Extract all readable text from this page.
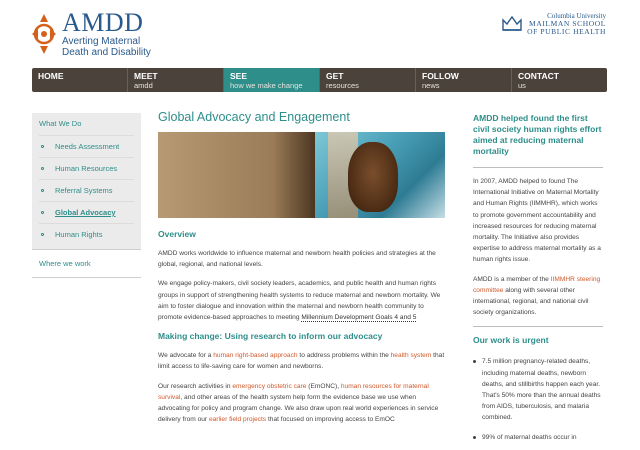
AMDD
Averting Maternal
Death and Disability
Columbia University
MAILMAN SCHOOL
OF PUBLIC HEALTH
HOME	MEET
amdd
SEE
how we make change
GET
resources
FOLLOW
news
CONTACT
us
What We Do
Needs Assessment
Human Resources
Referral Systems
Global Advocacy
Human Rights
Where we work
Global Advocacy and Engagement
Overview

AMDD works worldwide to influence maternal and newborn health policies and strategies at the global, regional, and national levels.

We engage policy-makers, civil society leaders, academics, and public health and human rights groups in support of strengthening health systems to reduce maternal and newborn mortality. We aim to foster dialogue and innovation within the maternal and newborn health community to promote evidence-based approaches to meeting Millennium Development Goals 4 and 5

Making change: Using research to inform our advocacy

We advocate for a human right-based approach to address problems within the health system that limit access to life-saving care for women and newborns.

Our research activities in emergency obstetric care (EmONC), human resources for maternal survival, and other areas of the health system help form the evidence base we use when advocating for policy and program change. We also draw upon real world experiences in service delivery from our earlier field projects that focused on improving access to EmOC

AMDD helped found the first civil society human rights effort aimed at reducing maternal mortality

In 2007, AMDD helped to found The International Initiative on Maternal Mortality and Human Rights (IIMMHR), which works to promote government accountability and increased resources for reducing maternal mortality. The Initiative also provides expertise to address maternal mortality as a human rights issue.

AMDD is a member of the IIMMHR steering committee along with several other international, regional, and national civil society organizations.

Our work is urgent
7.5 million pregnancy-related deaths, including maternal deaths, newborn deaths, and stillbirths happen each year. That's 50% more than the annual deaths from AIDS, tuberculosis, and malaria combined.
99% of maternal deaths occur in
